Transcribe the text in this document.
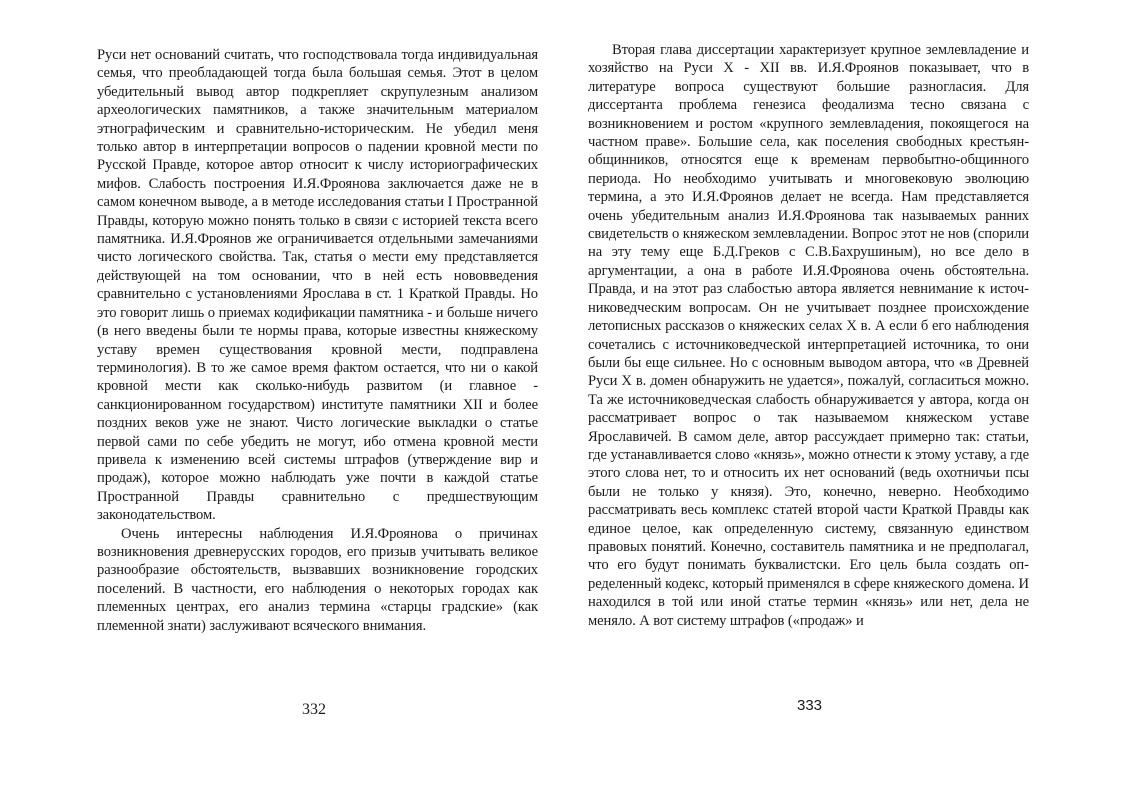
Руси нет оснований считать, что господствовала тогда индивидуальная семья, что преобладающей тогда была большая семья. Этот в целом убедительный вывод автор подкрепляет скрупулезным анализом археологических памятников, а также значительным материалом этнографическим и сравнительно-историческим. Не убедил меня только автор в интерпретации вопросов о падении кровной мести по Русской Правде, которое автор относит к числу историографических мифов. Слабость построения И.Я.Фроянова заключается даже не в самом конечном выводе, а в методе исследования статьи I Пространной Правды, которую можно понять только в связи с историей текста всего памятника. И.Я.Фроянов же ограничивается отдельными замечаниями чисто логического свойства. Так, статья о мести ему представляется действующей на том основании, что в ней есть нововведения сравнительно с установлениями Ярослава в ст. 1 Краткой Правды. Но это говорит лишь о приемах кодификации памятника - и больше ничего (в него введены были те нормы права, которые известны княжескому уставу времен существования кровной мести, подправлена терминология). В то же самое время фактом остается, что ни о какой кровной мести как сколько-нибудь развитом (и главное - санкционированном государством) институте памятники XII и более поздних веков уже не знают. Чисто логические выкладки о статье первой сами по себе убедить не могут, ибо отмена кровной мести привела к изменению всей системы штрафов (утверждение вир и продаж), которое можно наблюдать уже почти в каждой статье Пространной Правды сравнительно с предшествующим законодательством.

Очень интересны наблюдения И.Я.Фроянова о причинах возникновения древнерусских городов, его призыв учитывать великое разнообразие обстоятельств, вызвавших возникновение городских поселений. В частности, его наблюдения о некоторых городах как племенных центрах, его анализ термина «старцы градские» (как племенной знати) заслуживают всяческого внимания.

332

Вторая глава диссертации характеризует крупное землевладение и хозяйство на Руси X - XII вв. И.Я.Фроянов показывает, что в литературе вопроса существуют большие разногласия. Для диссертанта проблема генезиса феодализма тесно связана с возникновением и ростом «крупного землевладения, покоящегося на частном праве». Большие села, как поселения свободных крестьян-общинников, относятся еще к временам первобытно-общинного периода. Но необходимо учитывать и многовековую эволюцию термина, а это И.Я.Фроянов делает не всегда. Нам представляется очень убедительным анализ И.Я.Фроянова так называемых ранних свидетельств о княжеском землевладении. Вопрос этот не нов (спорили на эту тему еще Б.Д.Греков с С.В.Бахрушиным), но все дело в аргументации, а она в работе И.Я.Фроянова очень обстоятельна. Правда, и на этот раз слабостью автора является невнимание к источниковедческим вопросам. Он не учитывает позднее происхождение летописных рассказов о княжеских селах X в. А если б его наблюдения сочетались с источниковедческой интерпретацией источника, то они были бы еще сильнее. Но с основным выводом автора, что «в Древней Руси X в. домен обнаружить не удается», пожалуй, согласиться можно. Та же источниковедческая слабость обнаруживается у автора, когда он рассматривает вопрос о так называемом княжеском уставе Ярославичей. В самом деле, автор рассуждает примерно так: статьи, где устанавливается слово «князь», можно отнести к этому уставу, а где этого слова нет, то и относить их нет оснований (ведь охотничьи псы были не только у князя). Это, конечно, неверно. Необходимо рассматривать весь комплекс статей второй части Краткой Правды как единое целое, как определенную систему, связанную единством правовых понятий. Конечно, составитель памятника и не предполагал, что его будут понимать буквалистски. Его цель была создать определенный кодекс, который применялся в сфере княжеского домена. И находился в той или иной статье термин «князь» или нет, дела не меняло. А вот систему штрафов («продаж» и

333
